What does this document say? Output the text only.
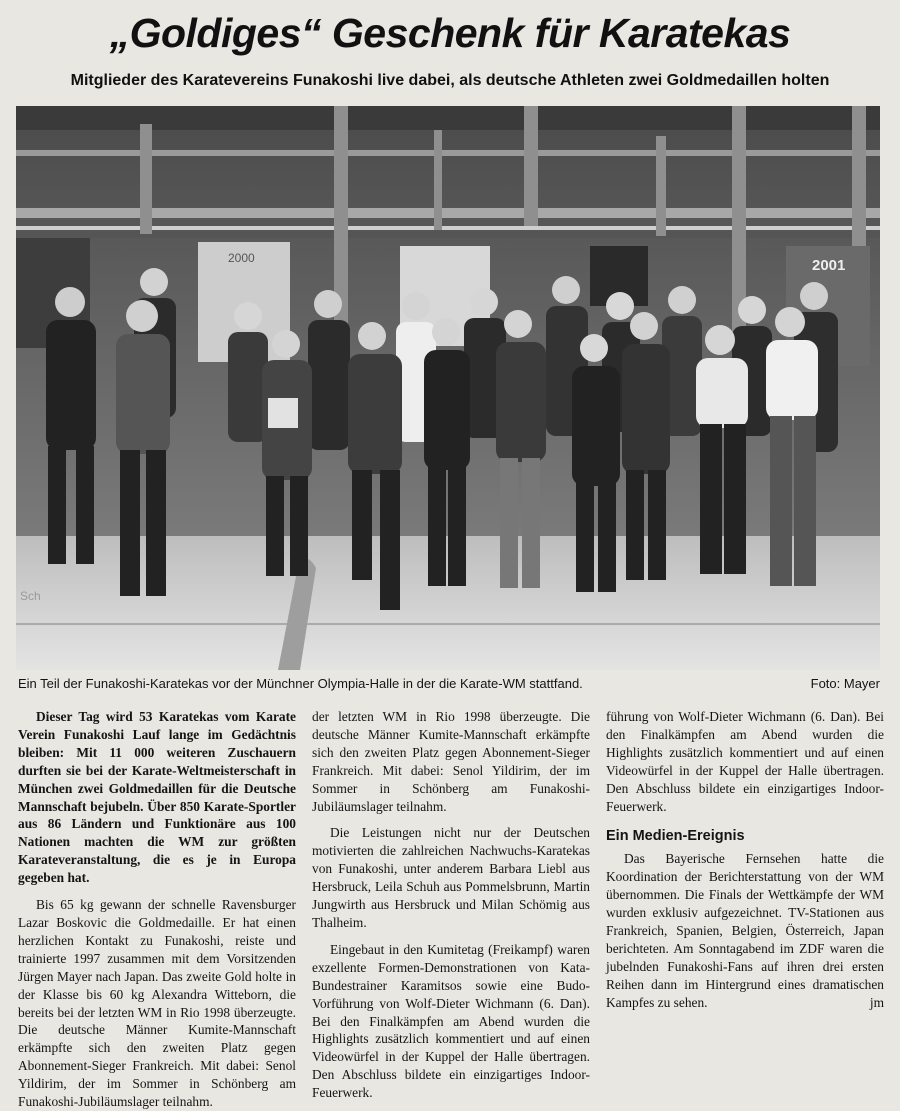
„Goldiges“ Geschenk für Karatekas
Mitglieder des Karatevereins Funakoshi live dabei, als deutsche Athleten zwei Goldmedaillen holten
2000	2001
Sch
Ein Teil der Funakoshi-Karatekas vor der Münchner Olympia-Halle in der die Karate-WM stattfand.	Foto: Mayer

Dieser Tag wird 53 Karatekas vom Karate Verein Funakoshi Lauf lange im Gedächtnis bleiben: Mit 11 000 weiteren Zuschauern durften sie bei der Karate-Weltmeisterschaft in München zwei Goldmedaillen für die Deutsche Mannschaft bejubeln. Über 850 Karate-Sportler aus 86 Ländern und Funktionäre aus 100 Nationen machten die WM zur größten Karateveranstaltung, die es je in Europa gegeben hat.

Bis 65 kg gewann der schnelle Ravensburger Lazar Boskovic die Goldmedaille. Er hat einen herzlichen Kontakt zu Funakoshi, reiste und trainierte 1997 zusammen mit dem Vorsitzenden Jürgen Mayer nach Japan. Das zweite Gold holte in der Klasse bis 60 kg Alexandra Witteborn, die bereits bei der letzten WM in Rio 1998 überzeugte. Die deutsche Männer Kumite-Mannschaft erkämpfte sich den zweiten Platz gegen Abonnement-Sieger Frankreich. Mit dabei: Senol Yildirim, der im Sommer in Schönberg am Funakoshi-Jubiläumslager teilnahm.

der letzten WM in Rio 1998 überzeugte. Die deutsche Männer Kumite-Mannschaft erkämpfte sich den zweiten Platz gegen Abonnement-Sieger Frankreich. Mit dabei: Senol Yildirim, der im Sommer in Schönberg am Funakoshi-Jubiläumslager teilnahm.

Die Leistungen nicht nur der Deutschen motivierten die zahlreichen Nachwuchs-Karatekas von Funakoshi, unter anderem Barbara Liebl aus Hersbruck, Leila Schuh aus Pommelsbrunn, Martin Jungwirth aus Hersbruck und Milan Schömig aus Thalheim.

Eingebaut in den Kumitetag (Freikampf) waren exzellente Formen-Demonstrationen von Kata-Bundestrainer Karamitsos sowie eine Budo-Vorführung von Wolf-Dieter Wichmann (6. Dan). Bei den Finalkämpfen am Abend wurden die Highlights zusätzlich kommentiert und auf einen Videowürfel in der Kuppel der Halle übertragen. Den Abschluss bildete ein einzigartiges Indoor-Feuerwerk.

führung von Wolf-Dieter Wichmann (6. Dan). Bei den Finalkämpfen am Abend wurden die Highlights zusätzlich kommentiert und auf einen Videowürfel in der Kuppel der Halle übertragen. Den Abschluss bildete ein einzigartiges Indoor-Feuerwerk.

Ein Medien-Ereignis

Das Bayerische Fernsehen hatte die Koordination der Berichterstattung von der WM übernommen. Die Finals der Wettkämpfe der WM wurden exklusiv aufgezeichnet. TV-Stationen aus Frankreich, Spanien, Belgien, Österreich, Japan berichteten. Am Sonntagabend im ZDF waren die jubelnden Funakoshi-Fans auf ihren drei ersten Reihen dann im Hintergrund eines dramatischen Kampfes zu sehen.	jm
